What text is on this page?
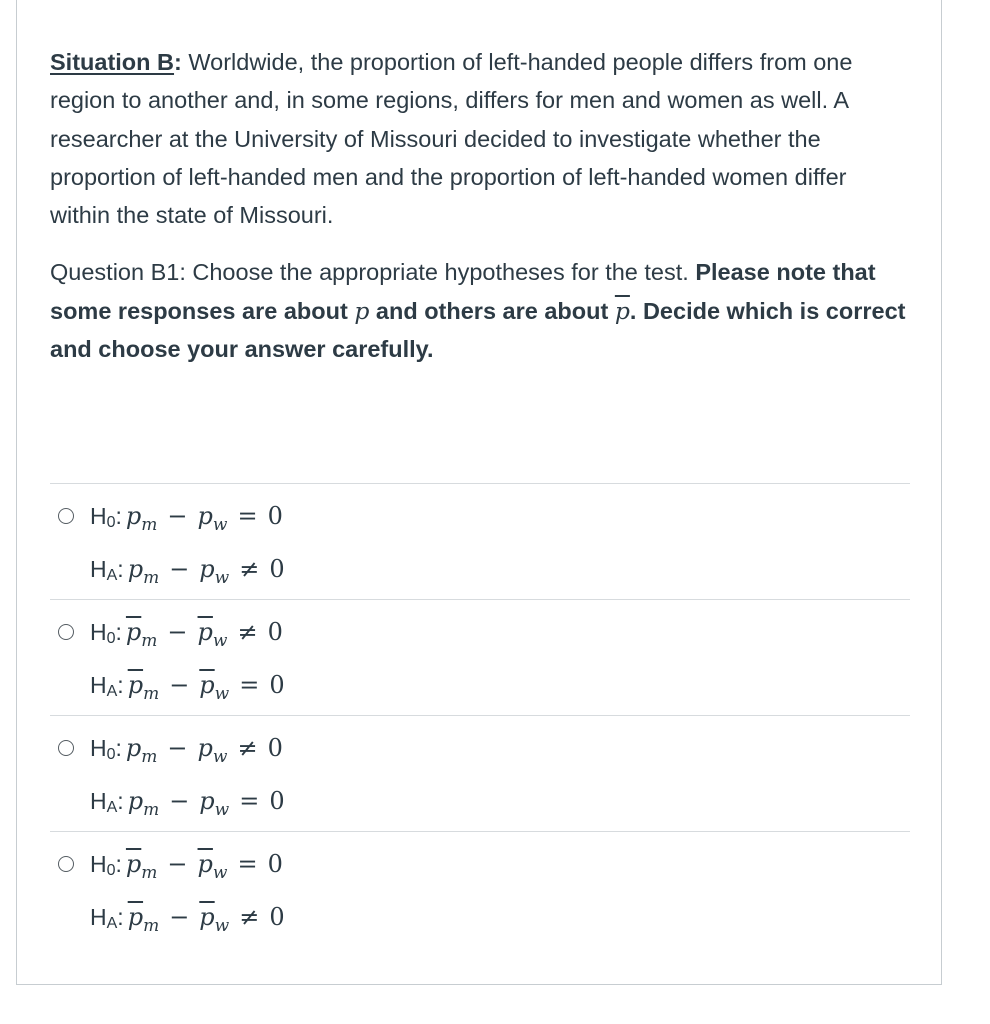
Situation B: Worldwide, the proportion of left-handed people differs from one region to another and, in some regions, differs for men and women as well. A researcher at the University of Missouri decided to investigate whether the proportion of left-handed men and the proportion of left-handed women differ within the state of Missouri.

Question B1: Choose the appropriate hypotheses for the test. Please note that some responses are about p and others are about $\overline{p}$. Decide which is correct and choose your answer carefully.

H0: $p_m - p_w = 0$
HA: $p_m - p_w \ne 0$
H0: $\overline{p}_m - \overline{p}_w \ne 0$
HA: $\overline{p}_m - \overline{p}_w = 0$
H0: $p_m - p_w \ne 0$
HA: $p_m - p_w = 0$
H0: $\overline{p}_m - \overline{p}_w = 0$
HA: $\overline{p}_m - \overline{p}_w \ne 0$
